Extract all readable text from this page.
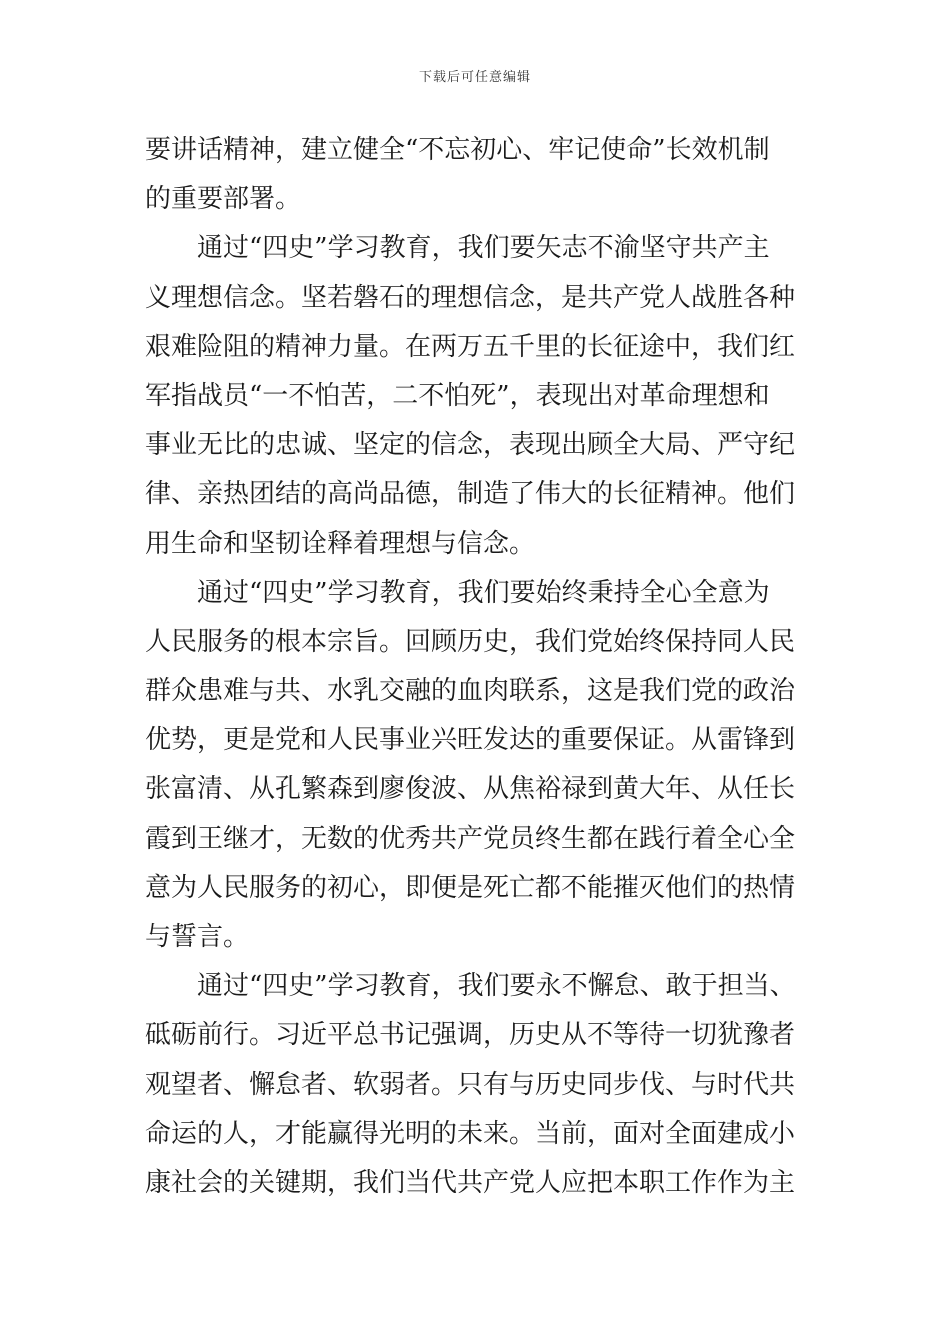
下载后可任意编辑
要讲话精神，建立健全“不忘初心、牢记使命”长效机制
的重要部署。
通过“四史”学习教育，我们要矢志不渝坚守共产主
义理想信念。坚若磐石的理想信念，是共产党人战胜各种
艰难险阻的精神力量。在两万五千里的长征途中，我们红
军指战员“一不怕苦，二不怕死”，表现出对革命理想和
事业无比的忠诚、坚定的信念，表现出顾全大局、严守纪
律、亲热团结的高尚品德，制造了伟大的长征精神。他们
用生命和坚韧诠释着理想与信念。
通过“四史”学习教育，我们要始终秉持全心全意为
人民服务的根本宗旨。回顾历史，我们党始终保持同人民
群众患难与共、水乳交融的血肉联系，这是我们党的政治
优势，更是党和人民事业兴旺发达的重要保证。从雷锋到
张富清、从孔繁森到廖俊波、从焦裕禄到黄大年、从任长
霞到王继才，无数的优秀共产党员终生都在践行着全心全
意为人民服务的初心，即便是死亡都不能摧灭他们的热情
与誓言。
通过“四史”学习教育，我们要永不懈怠、敢于担当、
砥砺前行。习近平总书记强调，历史从不等待一切犹豫者
观望者、懈怠者、软弱者。只有与历史同步伐、与时代共
命运的人，才能赢得光明的未来。当前，面对全面建成小
康社会的关键期，我们当代共产党人应把本职工作作为主
